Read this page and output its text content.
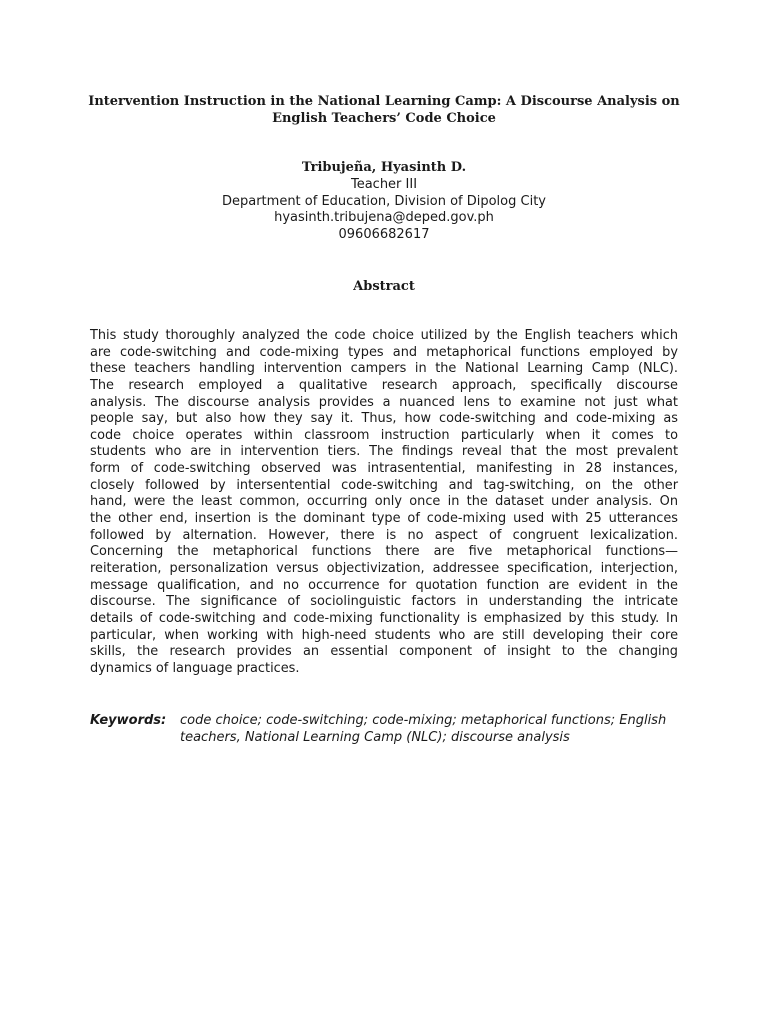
Intervention Instruction in the National Learning Camp: A Discourse Analysis on
English Teachers’ Code Choice
Tribujeña, Hyasinth D.
Teacher III
Department of Education, Division of Dipolog City
hyasinth.tribujena@deped.gov.ph
09606682617
Abstract
This study thoroughly analyzed the code choice utilized by the English teachers which
are code-switching and code-mixing types and metaphorical functions employed by
these teachers handling intervention campers in the National Learning Camp (NLC).
The research employed a qualitative research approach, specifically discourse
analysis. The discourse analysis provides a nuanced lens to examine not just what
people say, but also how they say it. Thus, how code-switching and code-mixing as
code choice operates within classroom instruction particularly when it comes to
students who are in intervention tiers. The findings reveal that the most prevalent
form of code-switching observed was intrasentential, manifesting in 28 instances,
closely followed by intersentential code-switching and tag-switching, on the other
hand, were the least common, occurring only once in the dataset under analysis. On
the other end, insertion is the dominant type of code-mixing used with 25 utterances
followed by alternation. However, there is no aspect of congruent lexicalization.
Concerning the metaphorical functions there are five metaphorical functions—
reiteration, personalization versus objectivization, addressee specification, interjection,
message qualification, and no occurrence for quotation function are evident in the
discourse. The significance of sociolinguistic factors in understanding the intricate
details of code-switching and code-mixing functionality is emphasized by this study. In
particular, when working with high-need students who are still developing their core
skills, the research provides an essential component of insight to the changing
dynamics of language practices.
Keywords: code choice; code-switching; code-mixing; metaphorical functions; English
teachers, National Learning Camp (NLC); discourse analysis
